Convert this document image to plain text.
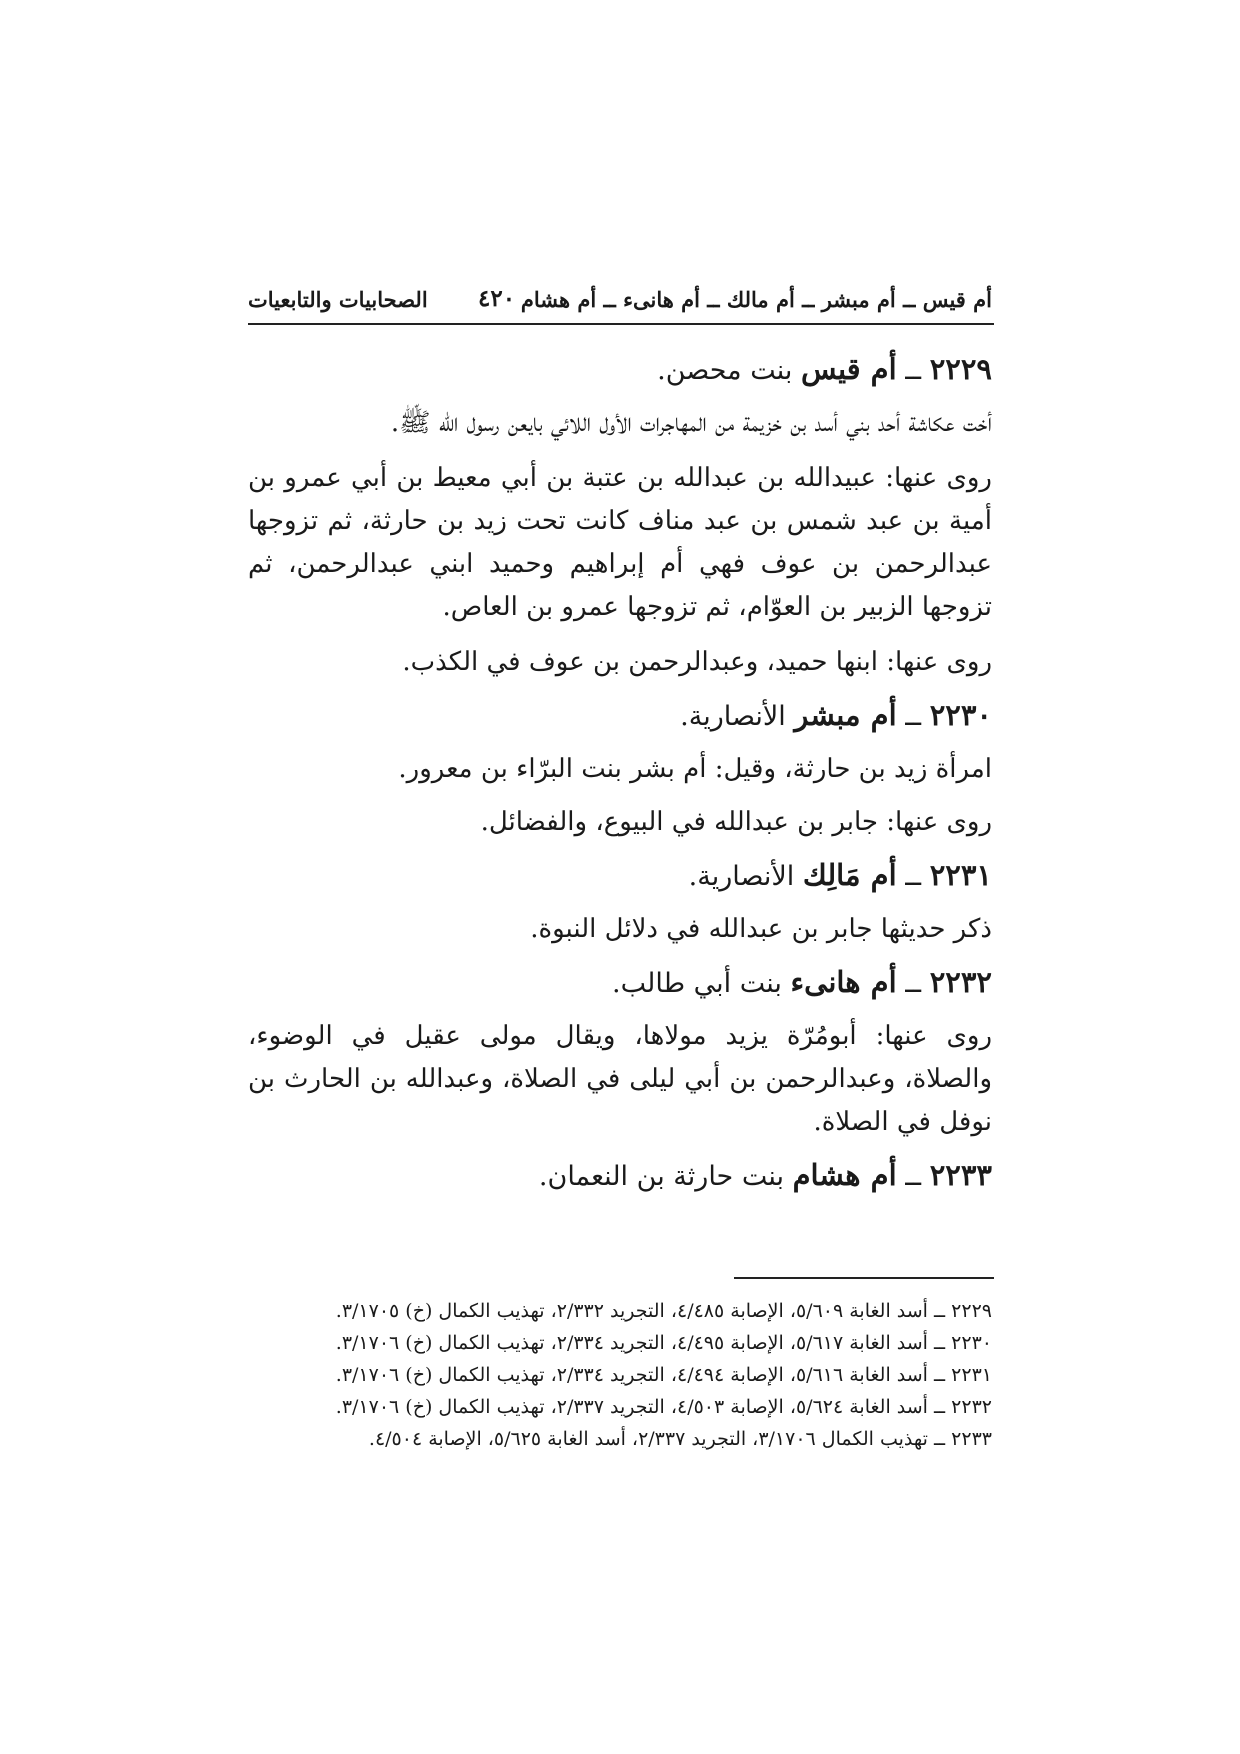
أم قيس ــ أم مبشر ــ أم مالك ــ أم هانىء ــ أم هشام
٤٢٠
الصحابيات والتابعيات
٢٢٢٩ ــ أم قيس بنت محصن.
أخت عكاشة أحد بني أسد بن خزيمة من المهاجرات الأول اللائي بايعن رسول الله ﷺ.
روى عنها: عبيدالله بن عبدالله بن عتبة بن أبي معيط بن أبي عمرو بن أمية بن عبد شمس بن عبد مناف كانت تحت زيد بن حارثة، ثم تزوجها عبدالرحمن بن عوف فهي أم إبراهيم وحميد ابني عبدالرحمن، ثم تزوجها الزبير بن العوّام، ثم تزوجها عمرو بن العاص.
روى عنها: ابنها حميد، وعبدالرحمن بن عوف في الكذب.
٢٢٣٠ ــ أم مبشر الأنصارية.
امرأة زيد بن حارثة، وقيل: أم بشر بنت البرّاء بن معرور.
روى عنها: جابر بن عبدالله في البيوع، والفضائل.
٢٢٣١ ــ أم مَالِك الأنصارية.
ذكر حديثها جابر بن عبدالله في دلائل النبوة.
٢٢٣٢ ــ أم هانىء بنت أبي طالب.
روى عنها: أبومُرّة يزيد مولاها، ويقال مولى عقيل في الوضوء، والصلاة، وعبدالرحمن بن أبي ليلى في الصلاة، وعبدالله بن الحارث بن نوفل في الصلاة.
٢٢٣٣ ــ أم هشام بنت حارثة بن النعمان.
٢٢٢٩ ــ أسد الغابة ٥/٦٠٩، الإصابة ٤/٤٨٥، التجريد ٢/٣٣٢، تهذيب الكمال (خ) ٣/١٧٠٥.
٢٢٣٠ ــ أسد الغابة ٥/٦١٧، الإصابة ٤/٤٩٥، التجريد ٢/٣٣٤، تهذيب الكمال (خ) ٣/١٧٠٦.
٢٢٣١ ــ أسد الغابة ٥/٦١٦، الإصابة ٤/٤٩٤، التجريد ٢/٣٣٤، تهذيب الكمال (خ) ٣/١٧٠٦.
٢٢٣٢ ــ أسد الغابة ٥/٦٢٤، الإصابة ٤/٥٠٣، التجريد ٢/٣٣٧، تهذيب الكمال (خ) ٣/١٧٠٦.
٢٢٣٣ ــ تهذيب الكمال ٣/١٧٠٦، التجريد ٢/٣٣٧، أسد الغابة ٥/٦٢٥، الإصابة ٤/٥٠٤.
